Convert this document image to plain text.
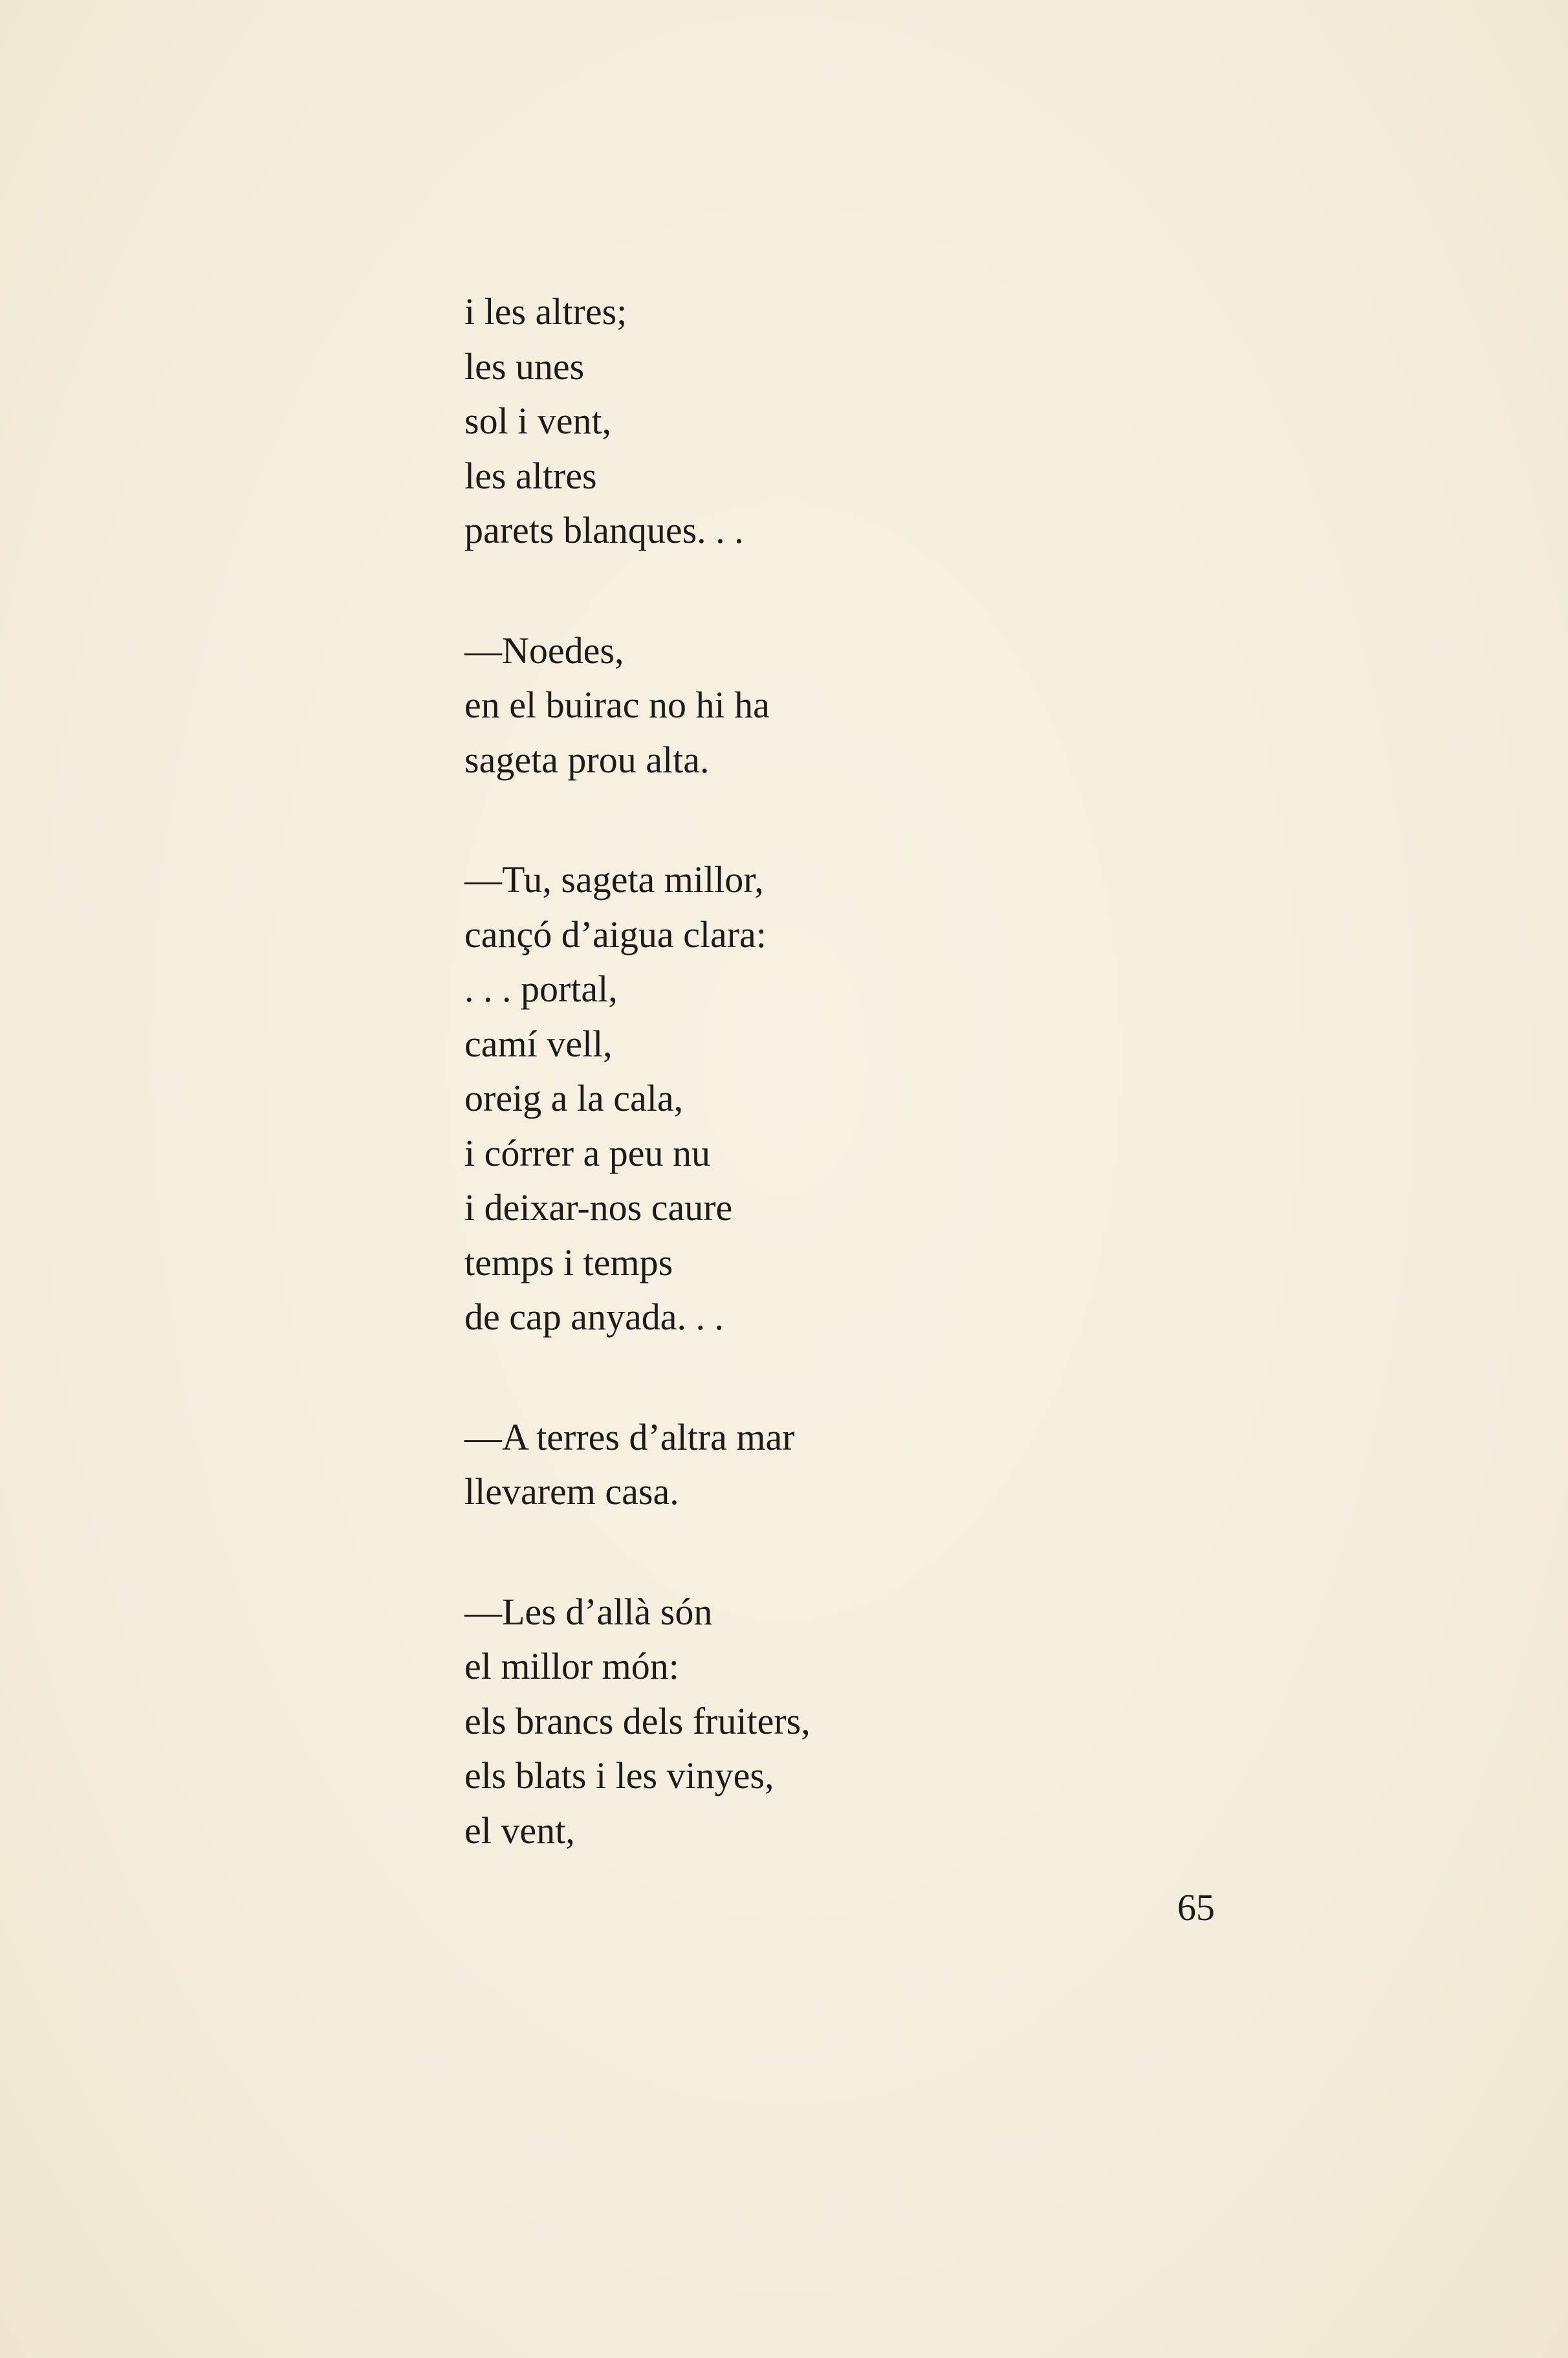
i les altres;
les unes
sol i vent,
les altres
parets blanques. . .
—Noedes,
en el buirac no hi ha
sageta prou alta.
—Tu, sageta millor,
cançó d’aigua clara:
. . . portal,
camí vell,
oreig a la cala,
i córrer a peu nu
i deixar-nos caure
temps i temps
de cap anyada. . .
—A terres d’altra mar
llevarem casa.
—Les d’allà són
el millor món:
els brancs dels fruiters,
els blats i les vinyes,
el vent,
65
